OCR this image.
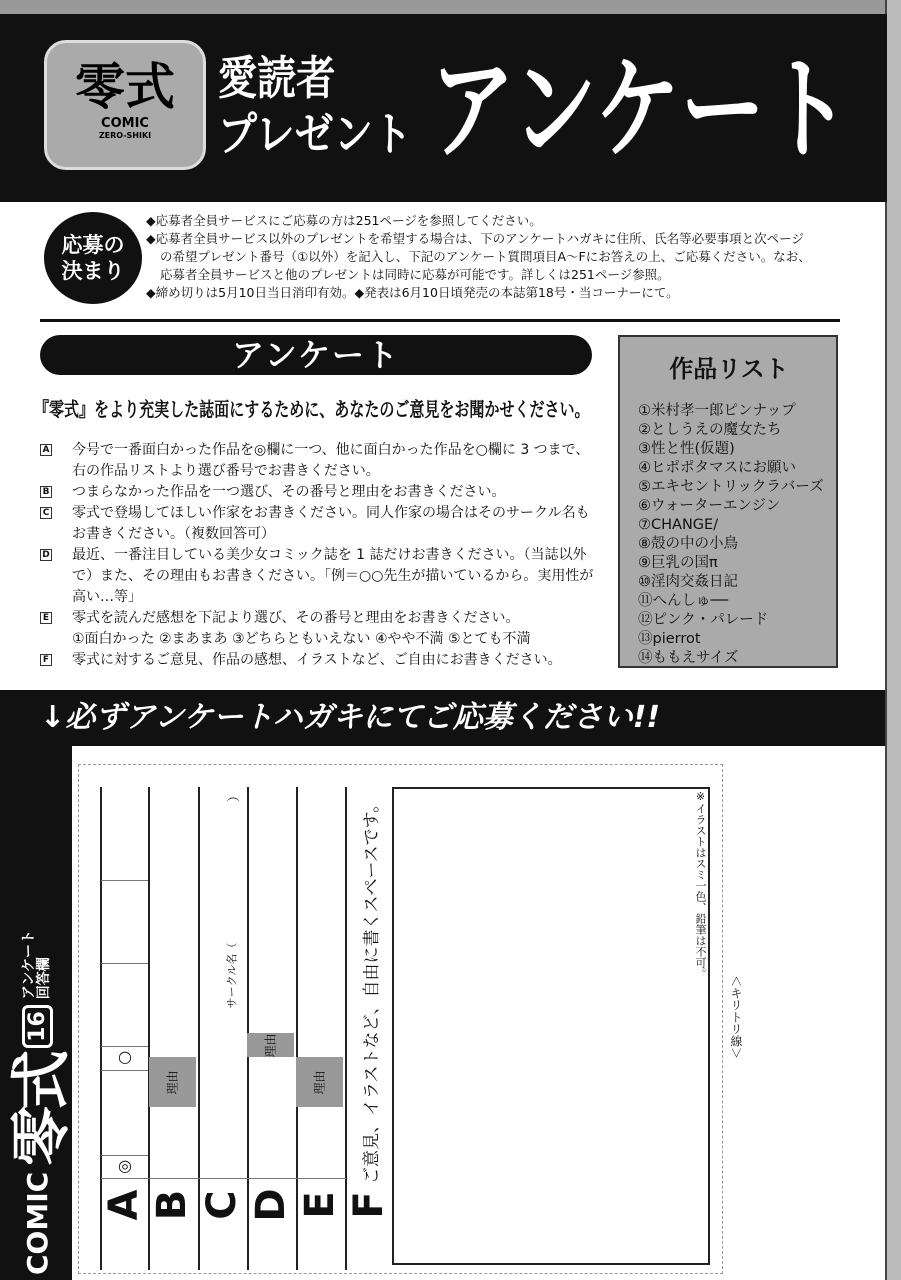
零式
COMIC
ZERO-SHIKI
愛読者
プレゼント アンケート
応募の
決まり

◆応募者全員サービスにご応募の方は251ページを参照してください。

◆応募者全員サービス以外のプレゼントを希望する場合は、下のアンケートハガキに住所、氏名等必要事項と次ページ

の希望プレゼント番号（①以外）を記入し、下記のアンケート質問項目A～Fにお答えの上、ご応募ください。なお、

応募者全員サービスと他のプレゼントは同時に応募が可能です。詳しくは251ページ参照。

◆締め切りは5月10日当日消印有効。◆発表は6月10日頃発売の本誌第18号・当コーナーにて。

アンケート
『零式』をより充実した誌面にするために、あなたのご意見をお聞かせください。
A 今号で一番面白かった作品を◎欄に一つ、他に面白かった作品を○欄に 3 つまで、右の作品リストより選び番号でお書きください。
B つまらなかった作品を一つ選び、その番号と理由をお書きください。
C 零式で登場してほしい作家をお書きください。同人作家の場合はそのサークル名もお書きください。（複数回答可）
D 最近、一番注目している美少女コミック誌を 1 誌だけお書きください。（当誌以外で）また、その理由もお書きください。「例＝○○先生が描いているから。実用性が高い…等」
E 零式を読んだ感想を下記より選び、その番号と理由をお書きください。
①面白かった ②まあまあ ③どちらともいえない ④やや不満 ⑤とても不満
F 零式に対するご意見、作品の感想、イラストなど、ご自由にお書きください。
作品リスト
①米村孝一郎ピンナップ
②としうえの魔女たち
③性と性(仮題)
④ヒポポタマスにお願い
⑤エキセントリックラバーズ
⑥ウォーターエンジン
⑦CHANGE/
⑧殻の中の小鳥
⑨巨乳の国π
⑩淫肉交姦日記
⑪へんしゅ──
⑫ピンク・パレード
⑬pierrot
⑭ももえサイズ
↓必ずアンケートハガキにてご応募ください!!
COMIC
零式
16
アンケート 回答欄
A B C D E F
○
◎
理由
理由
理由
サークル名（
）
ご意見、イラストなど、自由に書くスペースです。	※イラストはスミ一色、鉛筆は不可。
＜キリトリ線＞
